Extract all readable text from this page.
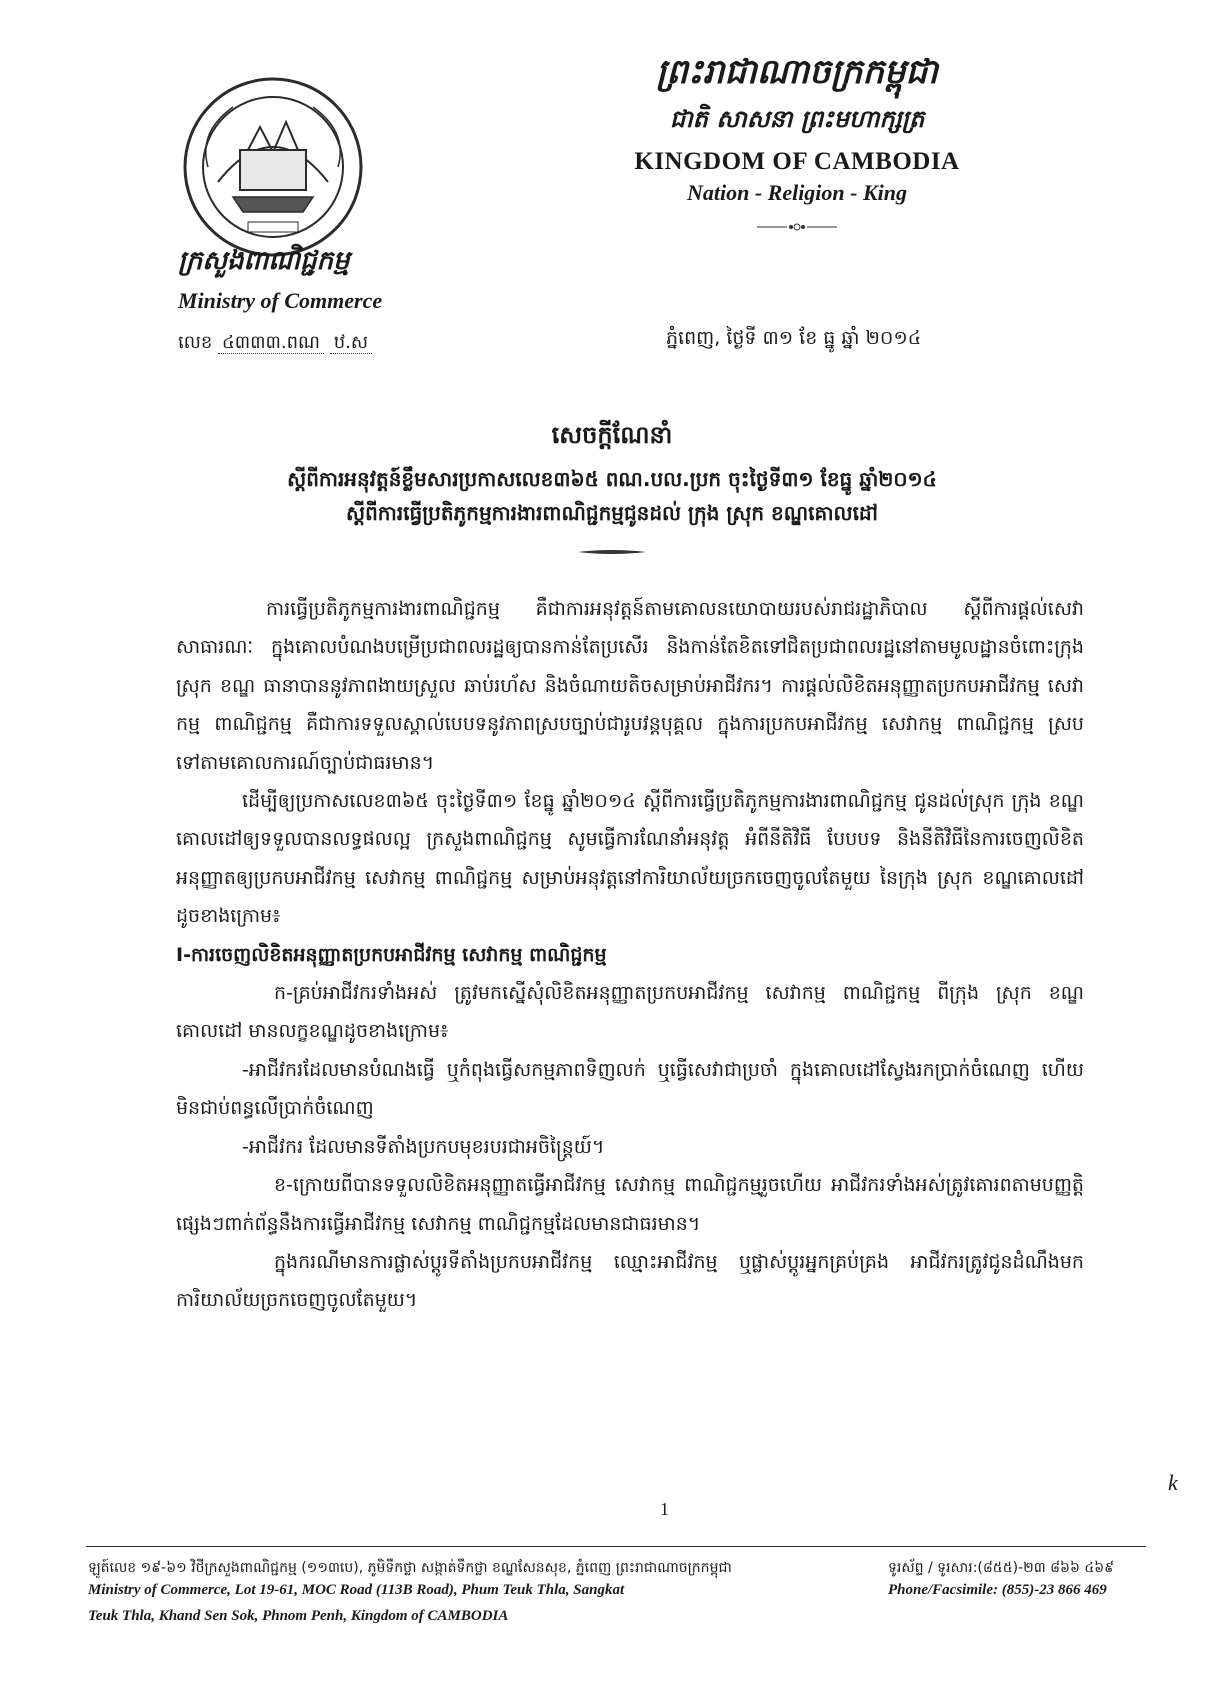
ក្រសួងពាណិជ្ជកម្ម
Ministry of Commerce
លេខ ៤៣៣៣.ពណ ឋ.ស
ព្រះរាជាណាចក្រកម្ពុជា
ជាតិ សាសនា ព្រះមហាក្សត្រ
KINGDOM OF CAMBODIA
Nation - Religion - King
ភ្នំពេញ, ថ្ងៃទី ៣១ ខែ ធ្នូ ឆ្នាំ ២០១៤
សេចក្តីណែនាំ
ស្តីពីការអនុវត្តន៍ខ្លឹមសារប្រកាសលេខ៣៦៥ ពណ.បល.ប្រក ចុះថ្ងៃទី៣១ ខែធ្នូ ឆ្នាំ២០១៤
ស្តីពីការធ្វើប្រតិភូកម្មការងារពាណិជ្ជកម្មជូនដល់ ក្រុង ស្រុក ខណ្ឌគោលដៅ

ការធ្វើប្រតិភូកម្មការងារពាណិជ្ជកម្ម គឺជាការអនុវត្តន៍តាមគោលនយោបាយរបស់រាជរដ្ឋាភិបាល ស្តីពីការផ្តល់សេវាសាធារណៈ ក្នុងគោលបំណងបម្រើប្រជាពលរដ្ឋឲ្យបានកាន់តែប្រសើរ និងកាន់តែខិតទៅជិតប្រជាពលរដ្ឋនៅតាមមូលដ្ឋានចំពោះក្រុង ស្រុក ខណ្ឌ ធានាបាននូវភាពងាយស្រួល ឆាប់រហ័ស និងចំណាយតិចសម្រាប់អាជីវករ។ ការផ្តល់លិខិតអនុញ្ញាតប្រកបអាជីវកម្ម សេវាកម្ម ពាណិជ្ជកម្ម គឺជាការទទួលស្គាល់បេបទនូវភាពស្របច្បាប់ជារូបវន្តបុគ្គល ក្នុងការប្រកបអាជីវកម្ម សេវាកម្ម ពាណិជ្ជកម្ម ស្របទៅតាមគោលការណ៍ច្បាប់ជាធរមាន។

ដើម្បីឲ្យប្រកាសលេខ៣៦៥ ចុះថ្ងៃទី៣១ ខែធ្នូ ឆ្នាំ២០១៤ ស្តីពីការធ្វើប្រតិភូកម្មការងារពាណិជ្ជកម្ម ជូនដល់ស្រុក ក្រុង ខណ្ឌគោលដៅឲ្យទទួលបានលទ្ធផលល្អ ក្រសួងពាណិជ្ជកម្ម សូមធ្វើការណែនាំអនុវត្ត អំពីនីតិវិធី បែបបទ និងនីតិវិធីនៃការចេញលិខិតអនុញ្ញាតឲ្យប្រកបអាជីវកម្ម សេវាកម្ម ពាណិជ្ជកម្ម សម្រាប់អនុវត្តនៅការិយាល័យច្រកចេញចូលតែមួយ នៃក្រុង ស្រុក ខណ្ឌគោលដៅដូចខាងក្រោម៖

I-ការចេញលិខិតអនុញ្ញាតប្រកបអាជីវកម្ម សេវាកម្ម ពាណិជ្ជកម្ម

ក-គ្រប់អាជីវករទាំងអស់ ត្រូវមកស្នើសុំលិខិតអនុញ្ញាតប្រកបអាជីវកម្ម សេវាកម្ម ពាណិជ្ជកម្ម ពីក្រុង ស្រុក ខណ្ឌគោលដៅ មានលក្ខខណ្ឌដូចខាងក្រោម៖

-អាជីវករដែលមានបំណងធ្វើ ឬកំពុងធ្វើសកម្មភាពទិញលក់ ឬធ្វើសេវាជាប្រចាំ ក្នុងគោលដៅស្វែងរកប្រាក់ចំណេញ ហើយមិនជាប់ពន្ធលើប្រាក់ចំណេញ

-អាជីវករ ដែលមានទីតាំងប្រកបមុខរបរជាអចិន្ត្រៃយ៍។

ខ-ក្រោយពីបានទទួលលិខិតអនុញ្ញាតធ្វើអាជីវកម្ម សេវាកម្ម ពាណិជ្ជកម្មរួចហើយ អាជីវករទាំងអស់ត្រូវគោរពតាមបញ្ញត្តិផ្សេងៗពាក់ព័ន្ធនឹងការធ្វើអាជីវកម្ម សេវាកម្ម ពាណិជ្ជកម្មដែលមានជាធរមាន។

ក្នុងករណីមានការផ្លាស់ប្តូរទីតាំងប្រកបអាជីវកម្ម ឈ្មោះអាជីវកម្ម ឬផ្លាស់ប្តូរអ្នកគ្រប់គ្រង អាជីវករត្រូវជូនដំណឹងមកការិយាល័យច្រកចេញចូលតែមួយ។

1
k
ឡូត៍លេខ ១៩-៦១ វិថីក្រសួងពាណិជ្ជកម្ម (១១៣បេ), ភូមិទឹកថ្លា សង្កាត់ទឹកថ្លា ខណ្ឌសែនសុខ, ភ្នំពេញ ព្រះរាជាណាចក្រកម្ពុជា
Ministry of Commerce, Lot 19-61, MOC Road (113B Road), Phum Teuk Thla, Sangkat
Teuk Thla, Khand Sen Sok, Phnom Penh, Kingdom of CAMBODIA
ទូរស័ព្ទ / ទូរសារ:(៨៥៥)-២៣ ៨៦៦ ៤៦៩
Phone/Facsimile: (855)-23 866 469
